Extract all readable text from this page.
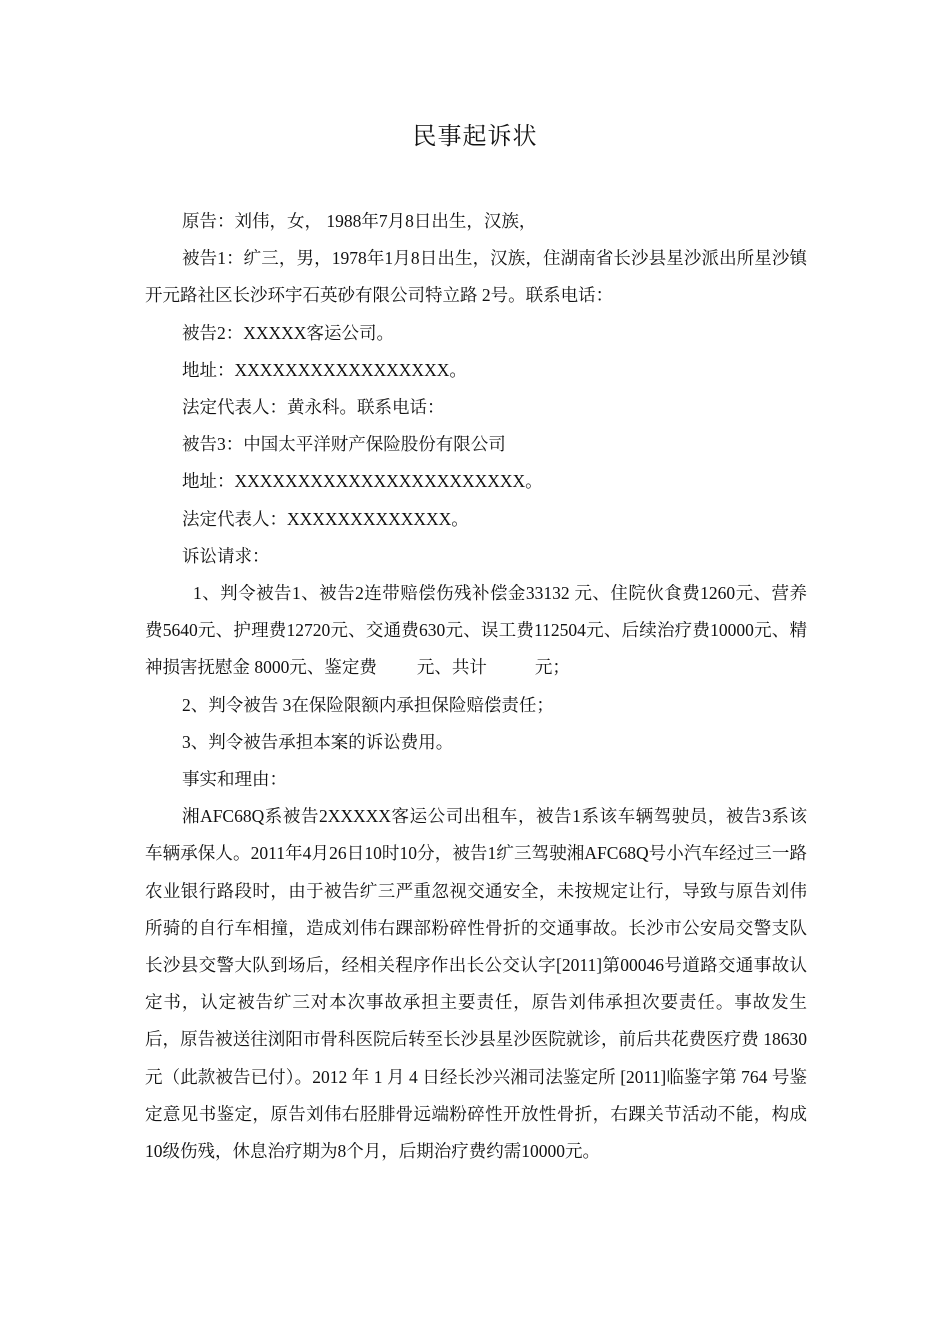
民事起诉状

原告：刘伟，女， 1988年7月8日出生，汉族，

被告1：纩三，男，1978年1月8日出生，汉族，住湖南省长沙县星沙派出所星沙镇开元路社区长沙环宇石英砂有限公司特立路 2号。联系电话：

被告2：XXXXX客运公司。

地址：XXXXXXXXXXXXXXXXX。

法定代表人：黄永科。联系电话：

被告3：中国太平洋财产保险股份有限公司

地址：XXXXXXXXXXXXXXXXXXXXXXX。

法定代表人：XXXXXXXXXXXXX。

诉讼请求：

1、判令被告1、被告2连带赔偿伤残补偿金33132 元、住院伙食费1260元、营养费5640元、护理费12720元、交通费630元、误工费112504元、后续治疗费10000元、精神损害抚慰金 8000元、鉴定费 元、共计	元；

2、判令被告 3在保险限额内承担保险赔偿责任；

3、判令被告承担本案的诉讼费用。

事实和理由：

湘AFC68Q系被告2XXXXX客运公司出租车，被告1系该车辆驾驶员，被告3系该车辆承保人。2011年4月26日10时10分，被告1纩三驾驶湘AFC68Q号小汽车经过三一路农业银行路段时，由于被告纩三严重忽视交通安全，未按规定让行，导致与原告刘伟所骑的自行车相撞，造成刘伟右踝部粉碎性骨折的交通事故。长沙市公安局交警支队长沙县交警大队到场后，经相关程序作出长公交认字[2011]第00046号道路交通事故认定书，认定被告纩三对本次事故承担主要责任，原告刘伟承担次要责任。事故发生后，原告被送往浏阳市骨科医院后转至长沙县星沙医院就诊，前后共花费医疗费 18630 元（此款被告已付）。2012 年 1 月 4 日经长沙兴湘司法鉴定所 [2011]临鉴字第 764 号鉴定意见书鉴定，原告刘伟右胫腓骨远端粉碎性开放性骨折，右踝关节活动不能，构成10级伤残，休息治疗期为8个月，后期治疗费约需10000元。
